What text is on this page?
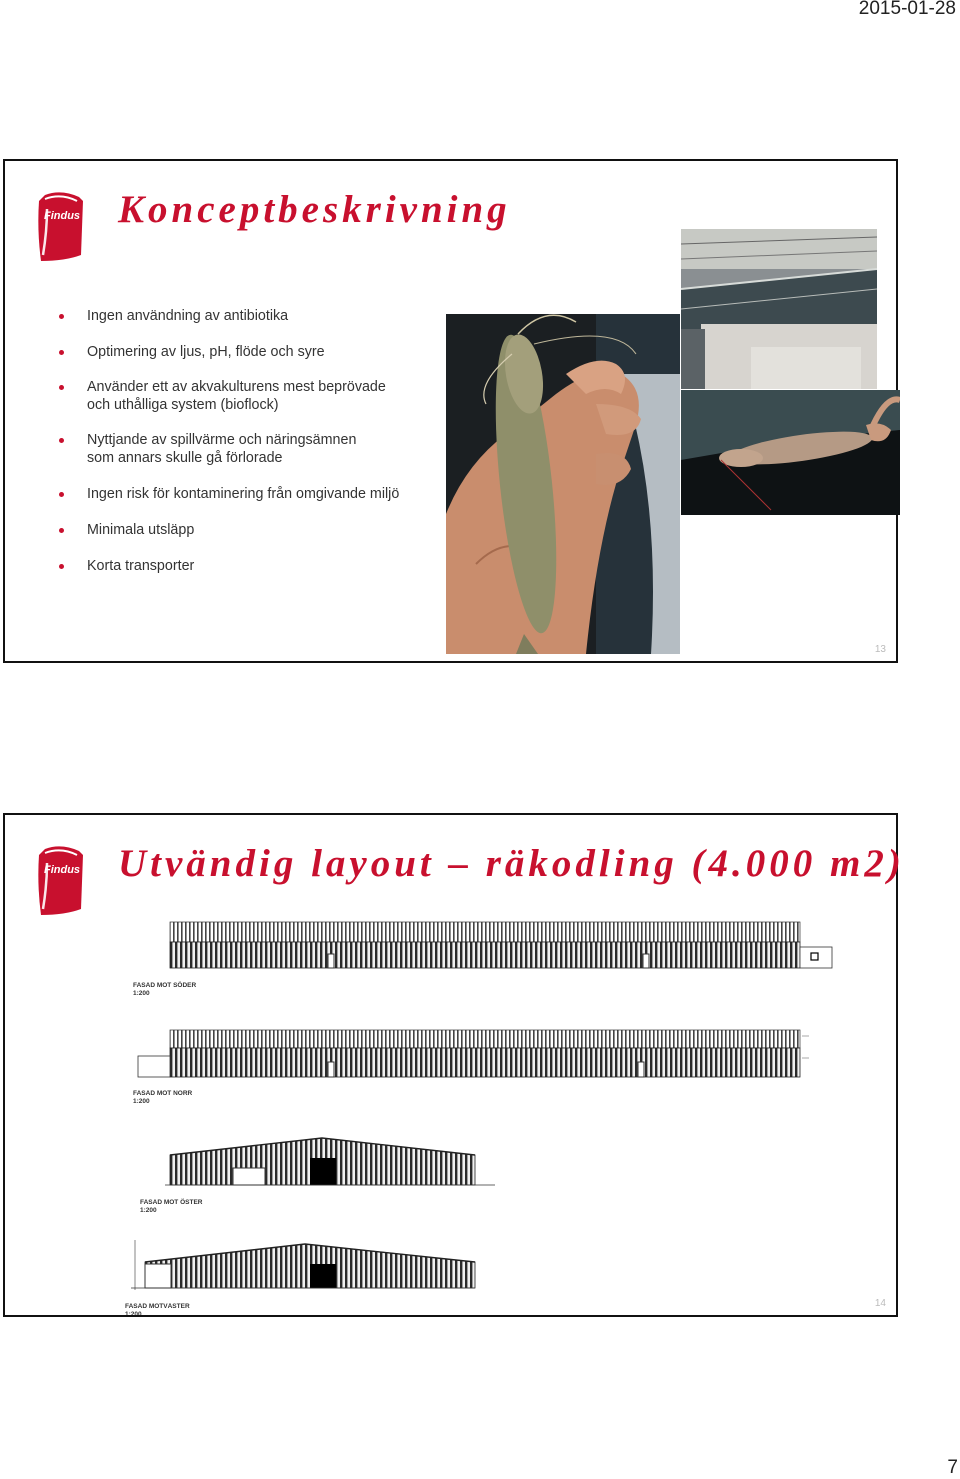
2015-01-28
Findus Konceptbeskrivning
Ingen användning av antibiotika
Optimering av ljus, pH, flöde och syre
Använder ett av akvakulturens mest beprövade
och uthålliga system (bioflock)
Nyttjande av spillvärme och näringsämnen
som annars skulle gå förlorade
Ingen risk för kontaminering från omgivande miljö
Minimala utsläpp
Korta transporter
13
Findus Utvändig layout – räkodling (4.000 m2)
FASAD MOT SÖDER
1:200
FASAD MOT NORR
1:200
FASAD MOT ÖSTER
1:200
FASAD MOTVÄSTER
1:200
14
7
